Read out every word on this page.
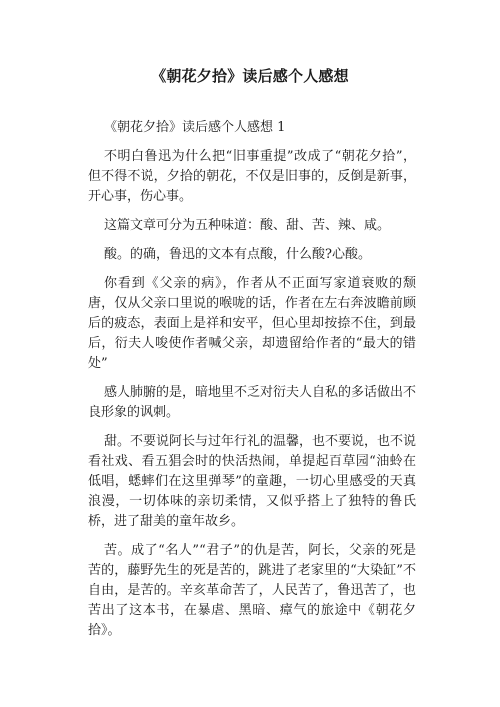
《朝花夕拾》读后感个人感想

《朝花夕拾》读后感个人感想 1

不明白鲁迅为什么把“旧事重提”改成了“朝花夕拾”，但不得不说，夕拾的朝花，不仅是旧事的，反倒是新事，开心事，伤心事。

这篇文章可分为五种味道：酸、甜、苦、辣、咸。

酸。的确，鲁迅的文本有点酸，什么酸?心酸。

你看到《父亲的病》，作者从不正面写家道衰败的颓唐，仅从父亲口里说的喉咙的话，作者在左右奔波瞻前顾后的疲态，表面上是祥和安平，但心里却按捺不住，到最后，衍夫人唆使作者喊父亲，却遗留给作者的“最大的错处”

感人肺腑的是，暗地里不乏对衍夫人自私的多话做出不良形象的讽刺。

甜。不要说阿长与过年行礼的温馨，也不要说，也不说看社戏、看五猖会时的快活热闹，单提起百草园“油蛉在低唱，蟋蟀们在这里弹琴”的童趣，一切心里感受的天真浪漫，一切体味的亲切柔情，又似乎搭上了独特的鲁氏桥，进了甜美的童年故乡。

苦。成了“名人”“君子”的仇是苦，阿长，父亲的死是苦的，藤野先生的死是苦的，跳进了老家里的“大染缸”不自由，是苦的。辛亥革命苦了，人民苦了，鲁迅苦了，也苦出了这本书，在暴虐、黑暗、瘴气的旅途中《朝花夕拾》。
